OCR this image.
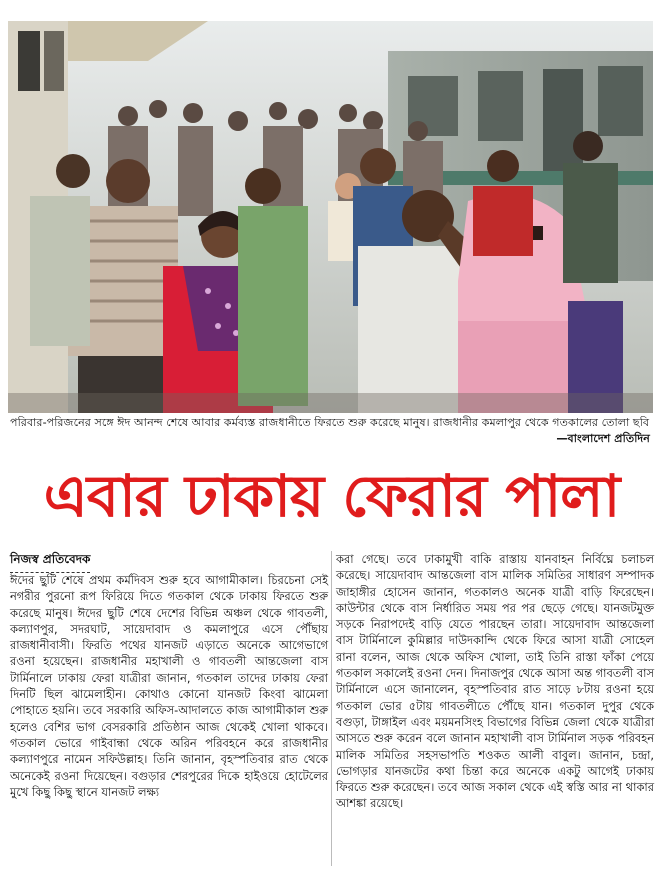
পরিবার-পরিজনের সঙ্গে ঈদ আনন্দ শেষে আবার কর্মব্যস্ত রাজধানীতে ফিরতে শুরু করেছে মানুষ। রাজধানীর কমলাপুর থেকে গতকালের তোলা ছবি
—বাংলাদেশ প্রতিদিন
এবার ঢাকায় ফেরার পালা
নিজস্ব প্রতিবেদক

ঈদের ছুটি শেষে প্রথম কর্মদিবস শুরু হবে আগামীকাল। চিরচেনা সেই নগরীর পুরনো রূপ ফিরিয়ে দিতে গতকাল থেকে ঢাকায় ফিরতে শুরু করেছে মানুষ। ঈদের ছুটি শেষে দেশের বিভিন্ন অঞ্চল থেকে গাবতলী, কল্যাণপুর, সদরঘাট, সায়েদাবাদ ও কমলাপুরে এসে পৌঁছায় রাজধানীবাসী। ফিরতি পথের যানজট এড়াতে অনেকে আগেভাগে রওনা হয়েছেন। রাজধানীর মহাখালী ও গাবতলী আন্তজেলা বাস টার্মিনালে ঢাকায় ফেরা যাত্রীরা জানান, গতকাল তাদের ঢাকায় ফেরা দিনটি ছিল ঝামেলাহীন। কোথাও কোনো যানজট কিংবা ঝামেলা পোহাতে হয়নি। তবে সরকারি অফিস-আদালতে কাজ আগামীকাল শুরু হলেও বেশির ভাগ বেসরকারি প্রতিষ্ঠান আজ থেকেই খোলা থাকবে। গতকাল ভোরে গাইবান্ধা থেকে অরিন পরিবহনে করে রাজধানীর কল্যাণপুরে নামেন সফিউল্লাহ। তিনি জানান, বৃহস্পতিবার রাত থেকে অনেকেই রওনা দিয়েছেন। বগুড়ার শেরপুরের দিকে হাইওয়ে হোটেলের মুখে কিছু কিছু স্থানে যানজট লক্ষ্য

করা গেছে। তবে ঢাকামুখী বাকি রাস্তায় যানবাহন নির্বিঘ্নে চলাচল করেছে। সায়েদাবাদ আন্তজেলা বাস মালিক সমিতির সাধারণ সম্পাদক জাহাঙ্গীর হোসেন জানান, গতকালও অনেক যাত্রী বাড়ি ফিরেছেন। কাউন্টার থেকে বাস নির্ধারিত সময় পর পর ছেড়ে গেছে। যানজটমুক্ত সড়কে নিরাপদেই বাড়ি যেতে পারছেন তারা। সায়েদাবাদ আন্তজেলা বাস টার্মিনালে কুমিল্লার দাউদকান্দি থেকে ফিরে আসা যাত্রী সোহেল রানা বলেন, আজ থেকে অফিস খোলা, তাই তিনি রাস্তা ফাঁকা পেয়ে গতকাল সকালেই রওনা দেন। দিনাজপুর থেকে আসা অন্ত গাবতলী বাস টার্মিনালে এসে জানালেন, বৃহস্পতিবার রাত সাড়ে ৮টায় রওনা হয়ে গতকাল ভোর ৫টায় গাবতলীতে পৌঁছে যান। গতকাল দুপুর থেকে বগুড়া, টাঙ্গাইল এবং ময়মনসিংহ বিভাগের বিভিন্ন জেলা থেকে যাত্রীরা আসতে শুরু করেন বলে জানান মহাখালী বাস টার্মিনাল সড়ক পরিবহন মালিক সমিতির সহসভাপতি শওকত আলী বাবুল। জানান, চন্দ্রা, ভোগড়ার যানজটের কথা চিন্তা করে অনেকে একটু আগেই ঢাকায় ফিরতে শুরু করেছেন। তবে আজ সকাল থেকে এই স্বস্তি আর না থাকার আশঙ্কা রয়েছে।
